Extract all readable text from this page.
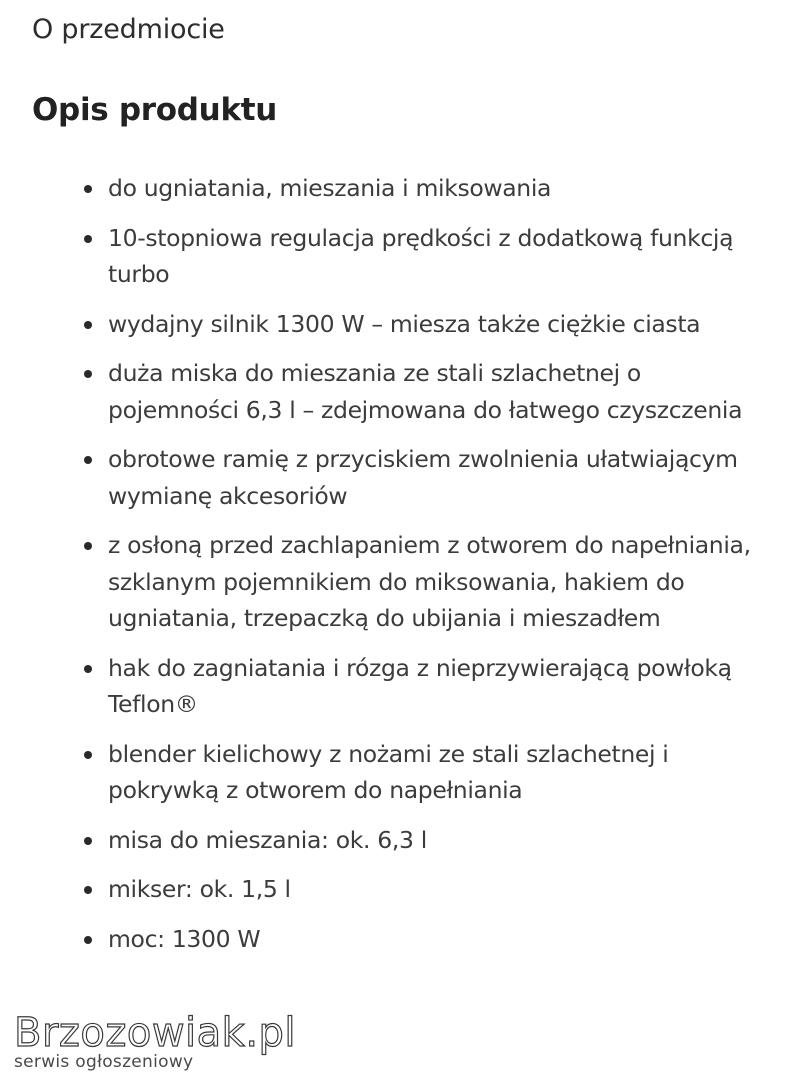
O przedmiocie
Opis produktu
do ugniatania, mieszania i miksowania
10-stopniowa regulacja prędkości z dodatkową funkcją turbo
wydajny silnik 1300 W – miesza także ciężkie ciasta
duża miska do mieszania ze stali szlachetnej o pojemności 6,3 l – zdejmowana do łatwego czyszczenia
obrotowe ramię z przyciskiem zwolnienia ułatwiającym wymianę akcesoriów
z osłoną przed zachlapaniem z otworem do napełniania, szklanym pojemnikiem do miksowania, hakiem do ugniatania, trzepaczką do ubijania i mieszadłem
hak do zagniatania i rózga z nieprzywierającą powłoką Teflon®
blender kielichowy z nożami ze stali szlachetnej i pokrywką z otworem do napełniania
misa do mieszania: ok. 6,3 l
mikser: ok. 1,5 l
moc: 1300 W
Brzozowiak.pl
serwis ogłoszeniowy
